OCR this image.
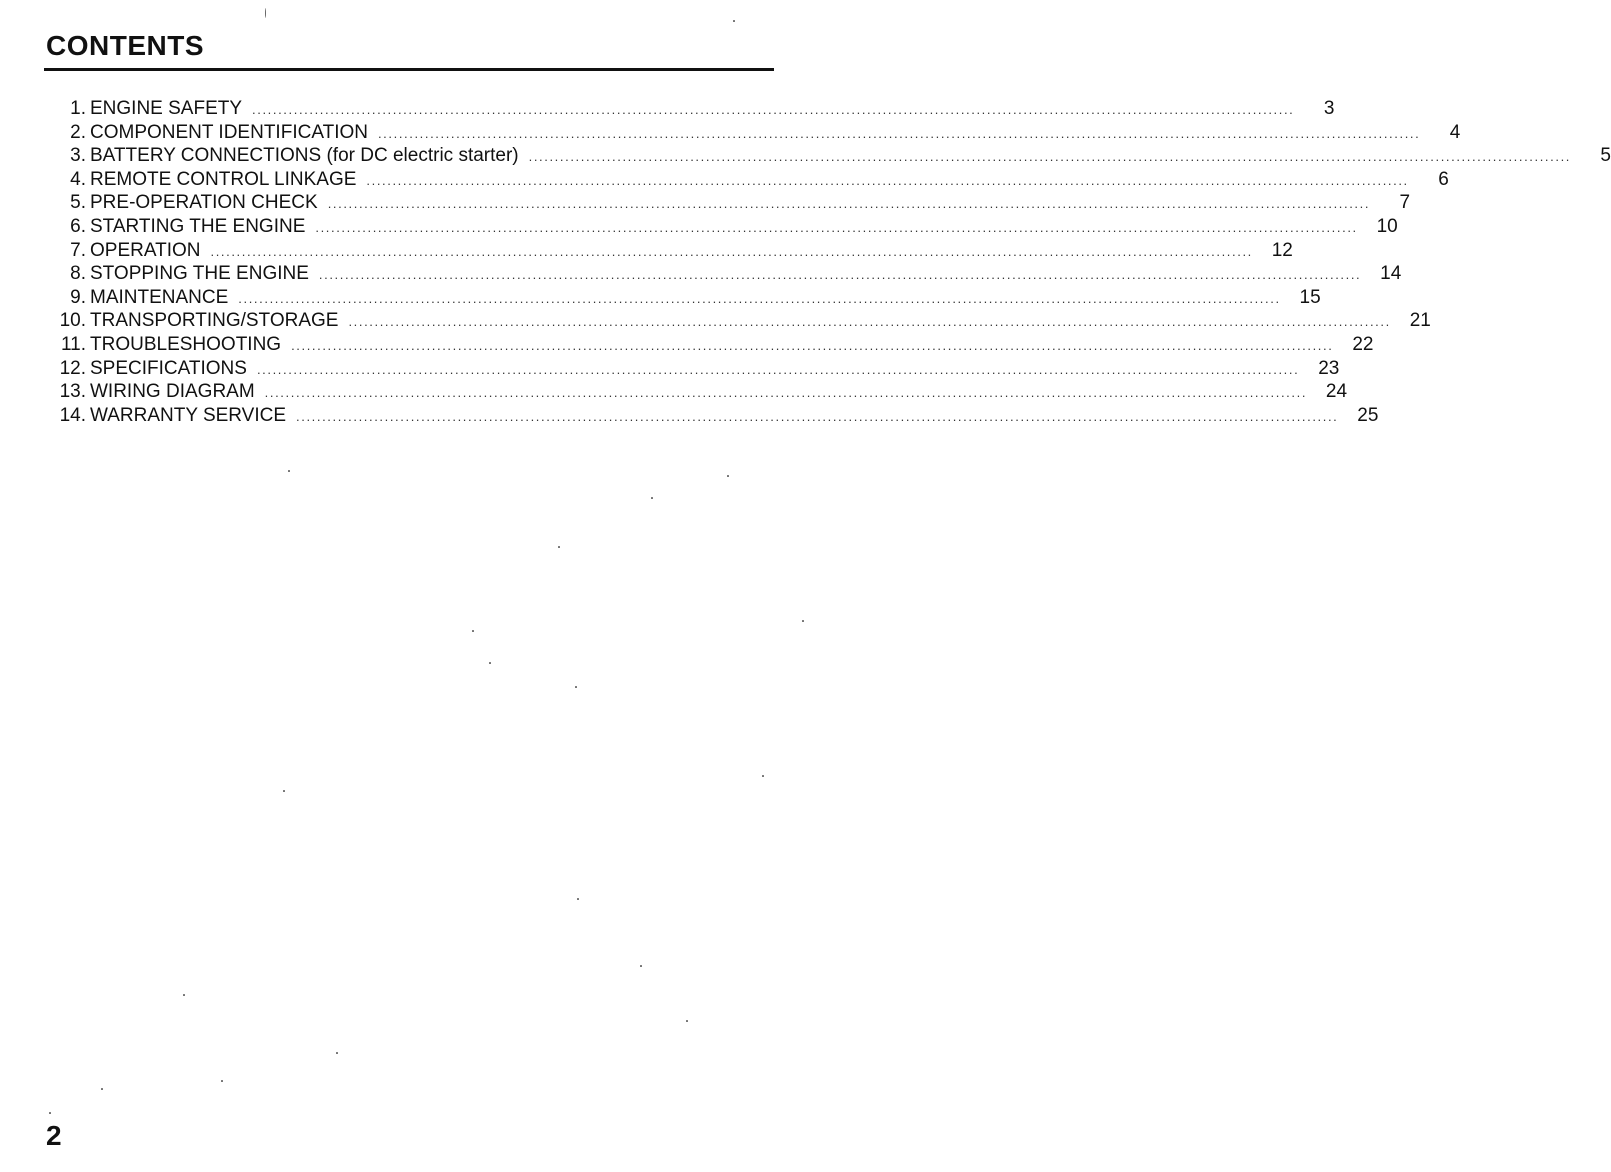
CONTENTS
1. ENGINE SAFETY ........................................................................................................................................................................................................	3
2. COMPONENT IDENTIFICATION ........................................................................................................................................................................................................	4
3. BATTERY CONNECTIONS (for DC electric starter) ........................................................................................................................................................................................................	5
4. REMOTE CONTROL LINKAGE ........................................................................................................................................................................................................	6
5. PRE-OPERATION CHECK ........................................................................................................................................................................................................	7
6. STARTING THE ENGINE ........................................................................................................................................................................................................ 10
7. OPERATION ........................................................................................................................................................................................................ 12
8. STOPPING THE ENGINE ........................................................................................................................................................................................................ 14
9. MAINTENANCE ........................................................................................................................................................................................................ 15
10. TRANSPORTING/STORAGE ........................................................................................................................................................................................................ 21
11. TROUBLESHOOTING ........................................................................................................................................................................................................ 22
12. SPECIFICATIONS ........................................................................................................................................................................................................ 23
13. WIRING DIAGRAM ........................................................................................................................................................................................................ 24
14. WARRANTY SERVICE ........................................................................................................................................................................................................ 25
2
